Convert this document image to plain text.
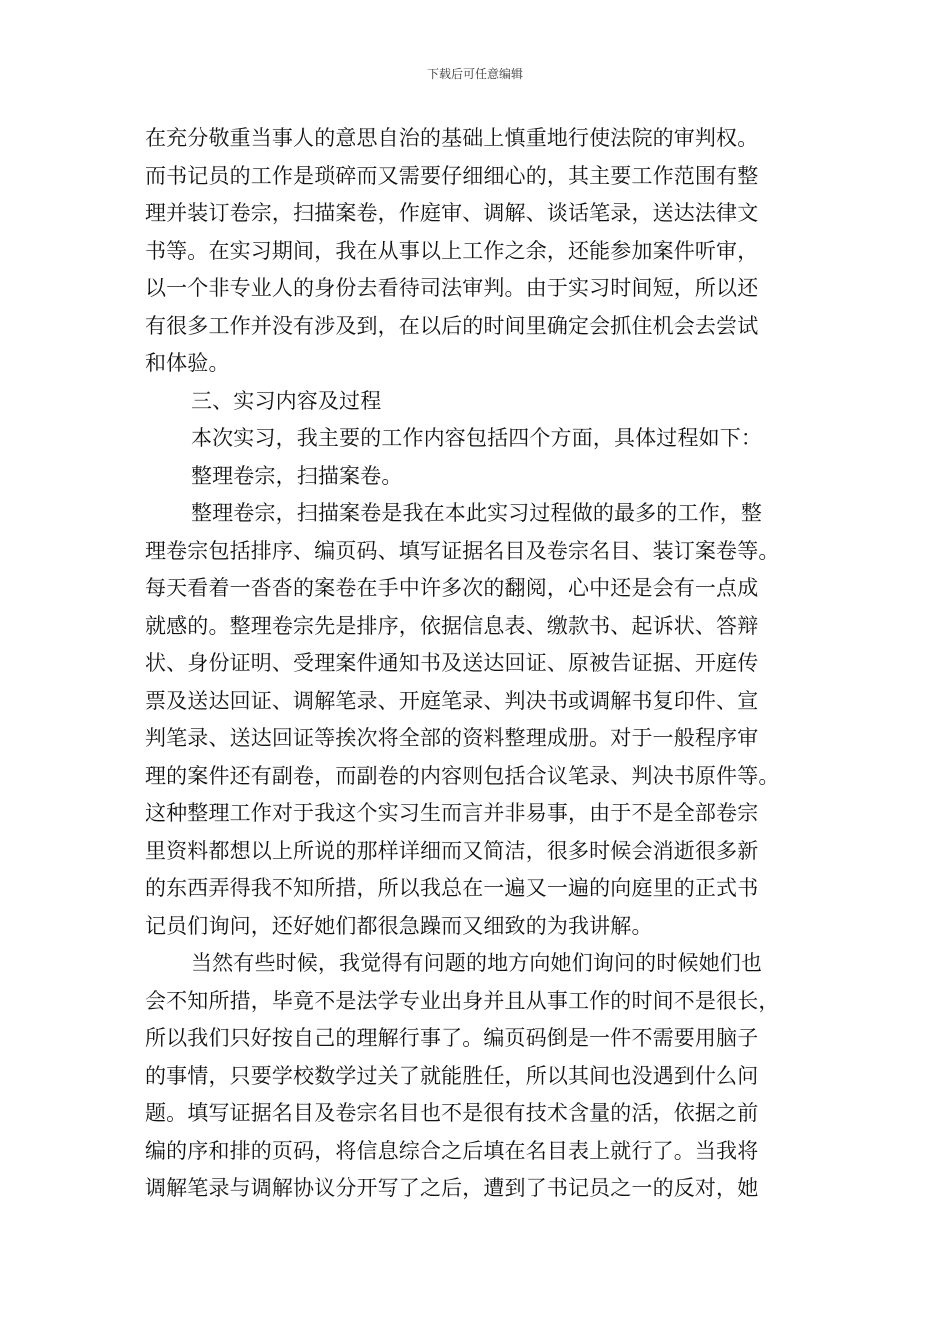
下载后可任意编辑
在充分敬重当事人的意思自治的基础上慎重地行使法院的审判权。
而书记员的工作是琐碎而又需要仔细细心的，其主要工作范围有整
理并装订卷宗，扫描案卷，作庭审、调解、谈话笔录，送达法律文
书等。在实习期间，我在从事以上工作之余，还能参加案件听审，
以一个非专业人的身份去看待司法审判。由于实习时间短，所以还
有很多工作并没有涉及到，在以后的时间里确定会抓住机会去尝试
和体验。
三、实习内容及过程
本次实习，我主要的工作内容包括四个方面，具体过程如下：
整理卷宗，扫描案卷。
整理卷宗，扫描案卷是我在本此实习过程做的最多的工作，整
理卷宗包括排序、编页码、填写证据名目及卷宗名目、装订案卷等。
每天看着一沓沓的案卷在手中许多次的翻阅，心中还是会有一点成
就感的。整理卷宗先是排序，依据信息表、缴款书、起诉状、答辩
状、身份证明、受理案件通知书及送达回证、原被告证据、开庭传
票及送达回证、调解笔录、开庭笔录、判决书或调解书复印件、宣
判笔录、送达回证等挨次将全部的资料整理成册。对于一般程序审
理的案件还有副卷，而副卷的内容则包括合议笔录、判决书原件等。
这种整理工作对于我这个实习生而言并非易事，由于不是全部卷宗
里资料都想以上所说的那样详细而又简洁，很多时候会消逝很多新
的东西弄得我不知所措，所以我总在一遍又一遍的向庭里的正式书
记员们询问，还好她们都很急躁而又细致的为我讲解。
当然有些时候，我觉得有问题的地方向她们询问的时候她们也
会不知所措，毕竟不是法学专业出身并且从事工作的时间不是很长，
所以我们只好按自己的理解行事了。编页码倒是一件不需要用脑子
的事情，只要学校数学过关了就能胜任，所以其间也没遇到什么问
题。填写证据名目及卷宗名目也不是很有技术含量的活，依据之前
编的序和排的页码，将信息综合之后填在名目表上就行了。当我将
调解笔录与调解协议分开写了之后，遭到了书记员之一的反对，她
